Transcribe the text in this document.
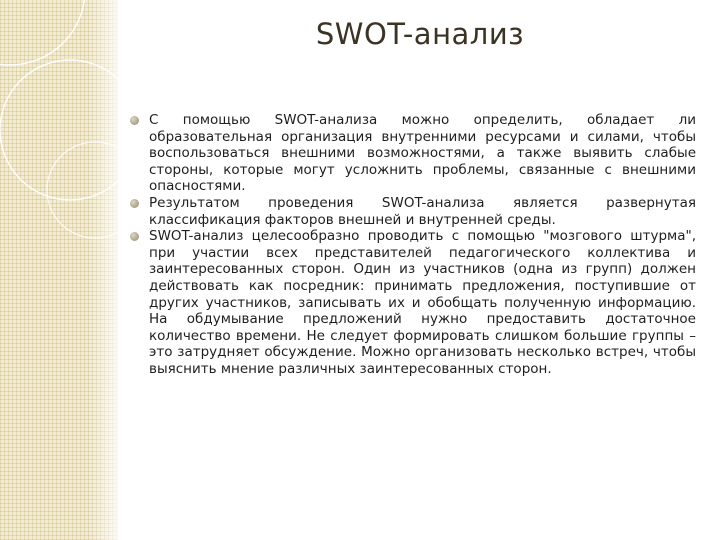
SWOT-анализ
С помощью SWOT-анализа можно определить, обладает ли образовательная организация внутренними ресурсами и силами, чтобы воспользоваться внешними возможностями, а также выявить слабые стороны, которые могут усложнить проблемы, связанные с внешними опасностями.
Результатом проведения SWOT-анализа является развернутая классификация факторов внешней и внутренней среды.
SWOT-анализ целесообразно проводить с помощью "мозгового штурма", при участии всех представителей педагогического коллектива и заинтересованных сторон. Один из участников (одна из групп) должен действовать как посредник: принимать предложения, поступившие от других участников, записывать их и обобщать полученную информацию. На обдумывание предложений нужно предоставить достаточное количество времени. Не следует формировать слишком большие группы – это затрудняет обсуждение. Можно организовать несколько встреч, чтобы выяснить мнение различных заинтересованных сторон.
